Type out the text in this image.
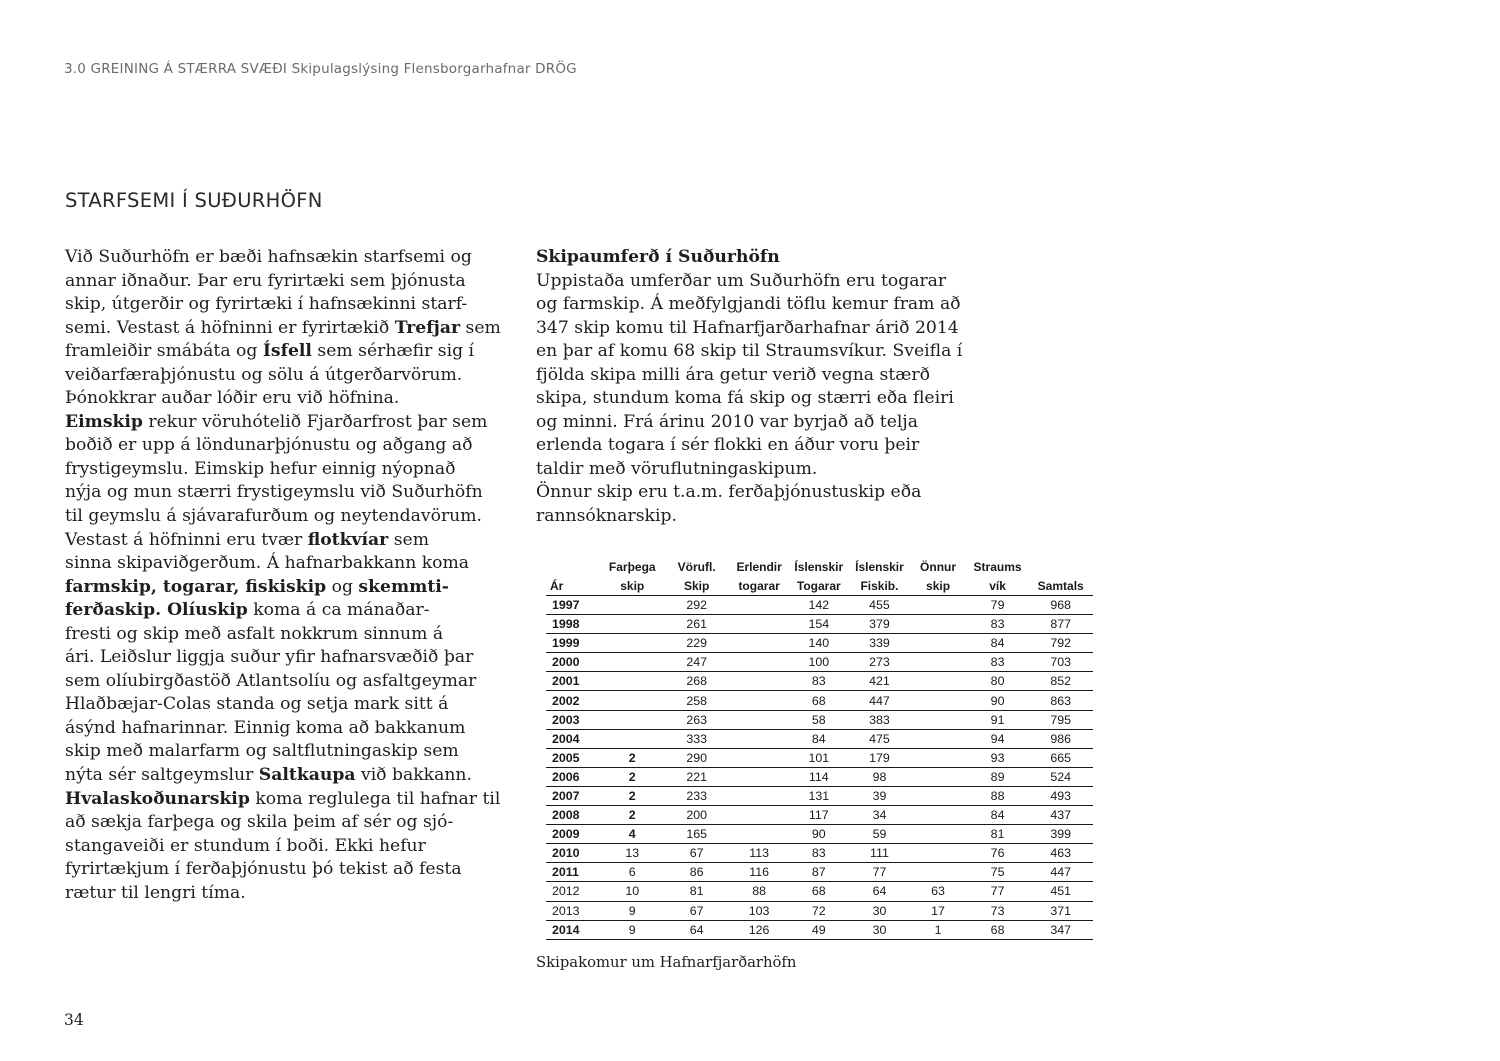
3.0 GREINING Á STÆRRA SVÆÐI Skipulagslýsing Flensborgarhafnar DRÖG
STARFSEMI Í SUÐURHÖFN
Við Suðurhöfn er bæði hafnsækin starfsemi og
annar iðnaður. Þar eru fyrirtæki sem þjónusta
skip, útgerðir og fyrirtæki í hafnsækinni starf-
semi. Vestast á höfninni er fyrirtækið Trefjar sem
framleiðir smábáta og Ísfell sem sérhæfir sig í
veiðarfæraþjónustu og sölu á útgerðarvörum.
Þónokkrar auðar lóðir eru við höfnina.
Eimskip rekur vöruhótelið Fjarðarfrost þar sem
boðið er upp á löndunarþjónustu og aðgang að
frystigeymslu. Eimskip hefur einnig nýopnað
nýja og mun stærri frystigeymslu við Suðurhöfn
til geymslu á sjávarafurðum og neytendavörum.
Vestast á höfninni eru tvær flotkvíar sem
sinna skipaviðgerðum. Á hafnarbakkann koma
farmskip, togarar, fiskiskip og skemmti-
ferðaskip. Olíuskip koma á ca mánaðar-
fresti og skip með asfalt nokkrum sinnum á
ári. Leiðslur liggja suður yfir hafnarsvæðið þar
sem olíubirgðastöð Atlantsolíu og asfaltgeymar
Hlaðbæjar-Colas standa og setja mark sitt á
ásýnd hafnarinnar. Einnig koma að bakkanum
skip með malarfarm og saltflutningaskip sem
nýta sér saltgeymslur Saltkaupa við bakkann.
Hvalaskoðunarskip koma reglulega til hafnar til
að sækja farþega og skila þeim af sér og sjó-
stangaveiði er stundum í boði. Ekki hefur
fyrirtækjum í ferðaþjónustu þó tekist að festa
rætur til lengri tíma.
Skipaumferð í Suðurhöfn
Uppistaða umferðar um Suðurhöfn eru togarar
og farmskip. Á meðfylgjandi töflu kemur fram að
347 skip komu til Hafnarfjarðarhafnar árið 2014
en þar af komu 68 skip til Straumsvíkur. Sveifla í
fjölda skipa milli ára getur verið vegna stærð
skipa, stundum koma fá skip og stærri eða fleiri
og minni. Frá árinu 2010 var byrjað að telja
erlenda togara í sér flokki en áður voru þeir
taldir með vöruflutningaskipum.
Önnur skip eru t.a.m. ferðaþjónustuskip eða
rannsóknarskip.
	Farþega	Vörufl.	Erlendir	Íslenskir	Íslenskir	Önnur	Straums	
Ár	skip	Skip	togarar	Togarar	Fiskib.	skip	vík	Samtals
1997		292		142	455		79	968
1998		261		154	379		83	877
1999		229		140	339		84	792
2000		247		100	273		83	703
2001		268		83	421		80	852
2002		258		68	447		90	863
2003		263		58	383		91	795
2004		333		84	475		94	986
2005	2	290		101	179		93	665
2006	2	221		114	98		89	524
2007	2	233		131	39		88	493
2008	2	200		117	34		84	437
2009	4	165		90	59		81	399
2010	13	67	113	83	111		76	463
2011	6	86	116	87	77		75	447
2012	10	81	88	68	64	63	77	451
2013	9	67	103	72	30	17	73	371
2014	9	64	126	49	30	1	68	347
Skipakomur um Hafnarfjarðarhöfn
34
